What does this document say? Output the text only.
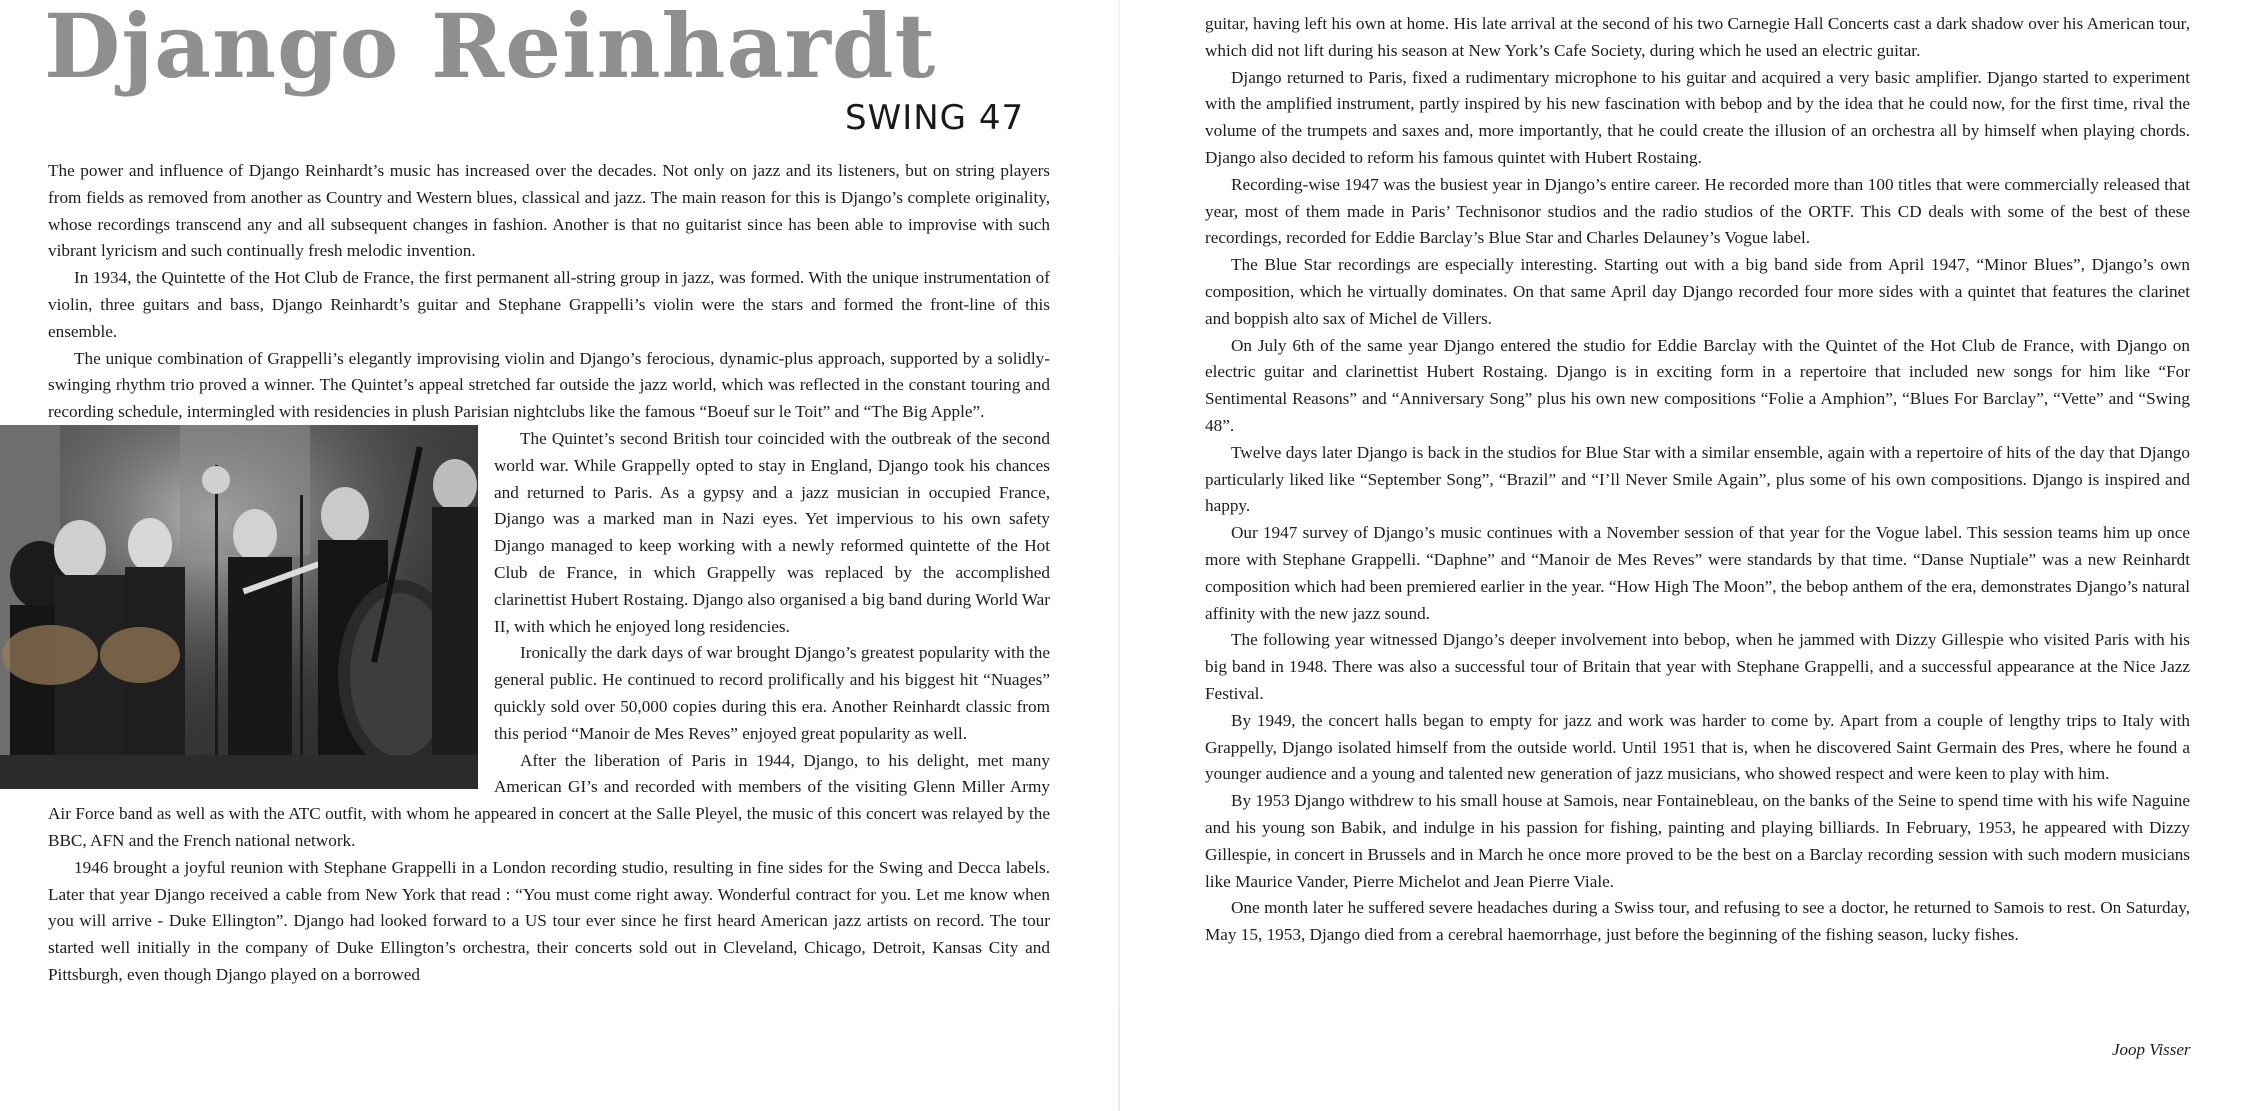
Django Reinhardt
SWING 47

The power and influence of Django Reinhardt’s music has increased over the decades. Not only on jazz and its listeners, but on string players from fields as removed from another as Country and Western blues, classical and jazz. The main reason for this is Django’s complete originality, whose recordings transcend any and all subsequent changes in fashion. Another is that no guitarist since has been able to improvise with such vibrant lyricism and such continually fresh melodic invention.

In 1934, the Quintette of the Hot Club de France, the first permanent all-string group in jazz, was formed. With the unique instrumentation of violin, three guitars and bass, Django Reinhardt’s guitar and Stephane Grappelli’s violin were the stars and formed the front-line of this ensemble.

The unique combination of Grappelli’s elegantly improvising violin and Django’s ferocious, dynamic-plus approach, supported by a solidly-swinging rhythm trio proved a winner. The Quintet’s appeal stretched far outside the jazz world, which was reflected in the constant touring and recording schedule, intermingled with residencies in plush Parisian nightclubs like the famous “Boeuf sur le Toit” and “The Big Apple”.

The Quintet’s second British tour coincided with the outbreak of the second world war. While Grappelly opted to stay in England, Django took his chances and returned to Paris. As a gypsy and a jazz musician in occupied France, Django was a marked man in Nazi eyes. Yet impervious to his own safety Django managed to keep working with a newly reformed quintette of the Hot Club de France, in which Grappelly was replaced by the accomplished clarinettist Hubert Rostaing. Django also organised a big band during World War II, with which he enjoyed long residencies.

Ironically the dark days of war brought Django’s greatest popularity with the general public. He continued to record prolifically and his biggest hit “Nuages” quickly sold over 50,000 copies during this era. Another Reinhardt classic from this period “Manoir de Mes Reves” enjoyed great popularity as well.

After the liberation of Paris in 1944, Django, to his delight, met many American GI’s and recorded with members of the visiting Glenn Miller Army Air Force band as well as with the ATC outfit, with whom he appeared in concert at the Salle Pleyel, the music of this concert was relayed by the BBC, AFN and the French national network.

1946 brought a joyful reunion with Stephane Grappelli in a London recording studio, resulting in fine sides for the Swing and Decca labels. Later that year Django received a cable from New York that read : “You must come right away. Wonderful contract for you. Let me know when you will arrive - Duke Ellington”. Django had looked forward to a US tour ever since he first heard American jazz artists on record. The tour started well initially in the company of Duke Ellington’s orchestra, their concerts sold out in Cleveland, Chicago, Detroit, Kansas City and Pittsburgh, even though Django played on a borrowed

guitar, having left his own at home. His late arrival at the second of his two Carnegie Hall Concerts cast a dark shadow over his American tour, which did not lift during his season at New York’s Cafe Society, during which he used an electric guitar.

Django returned to Paris, fixed a rudimentary microphone to his guitar and acquired a very basic amplifier. Django started to experiment with the amplified instrument, partly inspired by his new fascination with bebop and by the idea that he could now, for the first time, rival the volume of the trumpets and saxes and, more importantly, that he could create the illusion of an orchestra all by himself when playing chords. Django also decided to reform his famous quintet with Hubert Rostaing.

Recording-wise 1947 was the busiest year in Django’s entire career. He recorded more than 100 titles that were commercially released that year, most of them made in Paris’ Technisonor studios and the radio studios of the ORTF. This CD deals with some of the best of these recordings, recorded for Eddie Barclay’s Blue Star and Charles Delauney’s Vogue label.

The Blue Star recordings are especially interesting. Starting out with a big band side from April 1947, “Minor Blues”, Django’s own composition, which he virtually dominates. On that same April day Django recorded four more sides with a quintet that features the clarinet and boppish alto sax of Michel de Villers.

On July 6th of the same year Django entered the studio for Eddie Barclay with the Quintet of the Hot Club de France, with Django on electric guitar and clarinettist Hubert Rostaing. Django is in exciting form in a repertoire that included new songs for him like “For Sentimental Reasons” and “Anniversary Song” plus his own new compositions “Folie a Amphion”, “Blues For Barclay”, “Vette” and “Swing 48”.

Twelve days later Django is back in the studios for Blue Star with a similar ensemble, again with a repertoire of hits of the day that Django particularly liked like “September Song”, “Brazil” and “I’ll Never Smile Again”, plus some of his own compositions. Django is inspired and happy.

Our 1947 survey of Django’s music continues with a November session of that year for the Vogue label. This session teams him up once more with Stephane Grappelli. “Daphne” and “Manoir de Mes Reves” were standards by that time. “Danse Nuptiale” was a new Reinhardt composition which had been premiered earlier in the year. “How High The Moon”, the bebop anthem of the era, demonstrates Django’s natural affinity with the new jazz sound.

The following year witnessed Django’s deeper involvement into bebop, when he jammed with Dizzy Gillespie who visited Paris with his big band in 1948. There was also a successful tour of Britain that year with Stephane Grappelli, and a successful appearance at the Nice Jazz Festival.

By 1949, the concert halls began to empty for jazz and work was harder to come by. Apart from a couple of lengthy trips to Italy with Grappelly, Django isolated himself from the outside world. Until 1951 that is, when he discovered Saint Germain des Pres, where he found a younger audience and a young and talented new generation of jazz musicians, who showed respect and were keen to play with him.

By 1953 Django withdrew to his small house at Samois, near Fontainebleau, on the banks of the Seine to spend time with his wife Naguine and his young son Babik, and indulge in his passion for fishing, painting and playing billiards. In February, 1953, he appeared with Dizzy Gillespie, in concert in Brussels and in March he once more proved to be the best on a Barclay recording session with such modern musicians like Maurice Vander, Pierre Michelot and Jean Pierre Viale.

One month later he suffered severe headaches during a Swiss tour, and refusing to see a doctor, he returned to Samois to rest. On Saturday, May 15, 1953, Django died from a cerebral haemorrhage, just before the beginning of the fishing season, lucky fishes.

Joop Visser
